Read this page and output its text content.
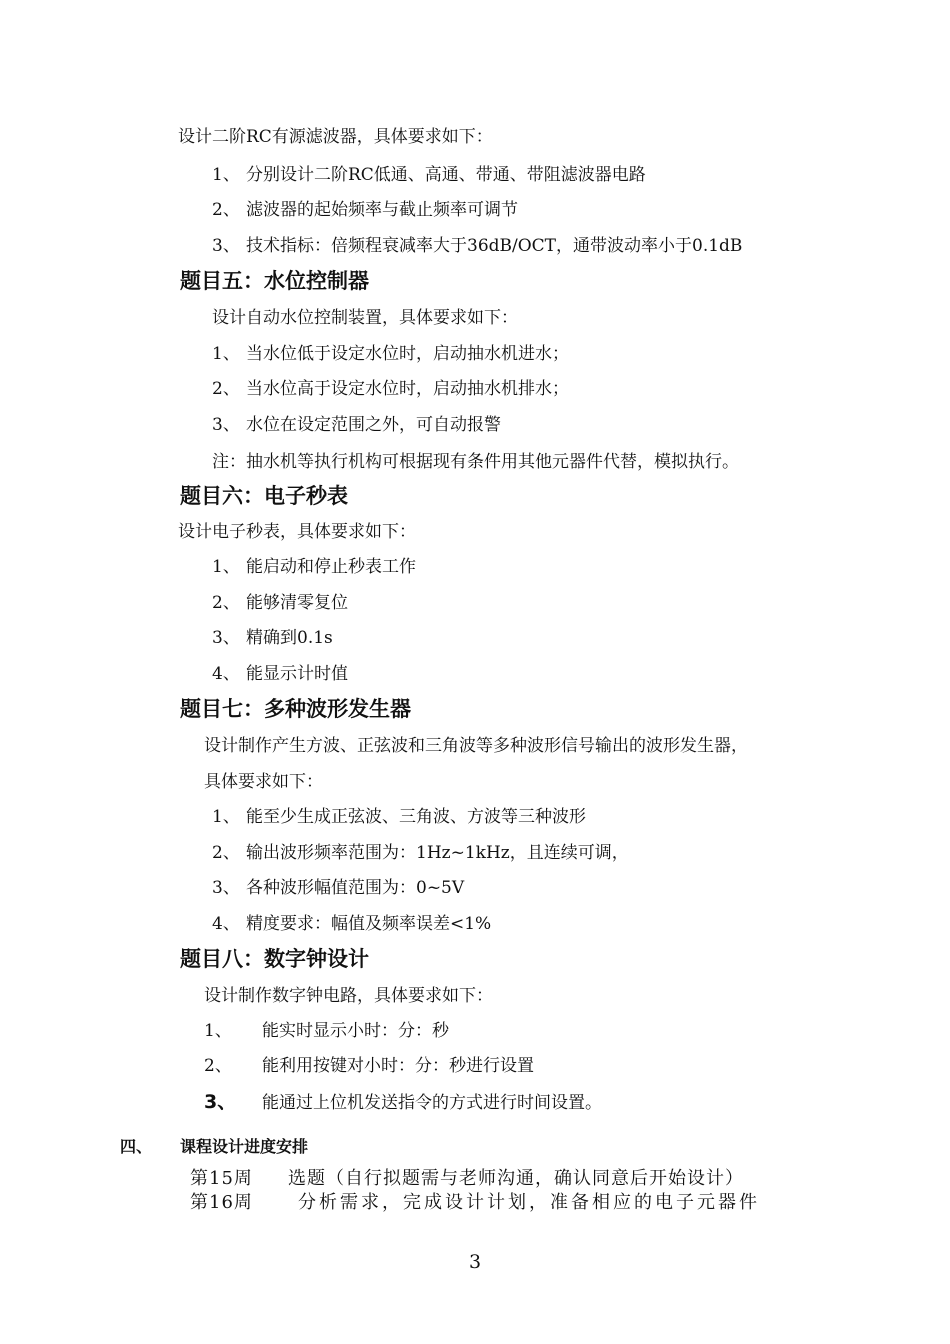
设计二阶RC有源滤波器，具体要求如下：
1、 分别设计二阶RC低通、高通、带通、带阻滤波器电路
2、 滤波器的起始频率与截止频率可调节
3、 技术指标：倍频程衰减率大于36dB/OCT，通带波动率小于0.1dB
题目五：水位控制器
设计自动水位控制装置，具体要求如下：
1、 当水位低于设定水位时，启动抽水机进水；
2、 当水位高于设定水位时，启动抽水机排水；
3、 水位在设定范围之外，可自动报警
注：抽水机等执行机构可根据现有条件用其他元器件代替，模拟执行。
题目六：电子秒表
设计电子秒表，具体要求如下：
1、 能启动和停止秒表工作
2、 能够清零复位
3、 精确到0.1s
4、 能显示计时值
题目七：多种波形发生器
设计制作产生方波、正弦波和三角波等多种波形信号输出的波形发生器，
具体要求如下：
1、 能至少生成正弦波、三角波、方波等三种波形
2、 输出波形频率范围为：1Hz~1kHz，且连续可调，
3、 各种波形幅值范围为：0~5V
4、 精度要求：幅值及频率误差<1%
题目八：数字钟设计
设计制作数字钟电路，具体要求如下：
1、 能实时显示小时：分：秒
2、 能利用按键对小时：分：秒进行设置
3、 能通过上位机发送指令的方式进行时间设置。
四、 课程设计进度安排
第15周 选题（自行拟题需与老师沟通，确认同意后开始设计）
第16周	分析需求，完成设计计划，准备相应的电子元器件
3
